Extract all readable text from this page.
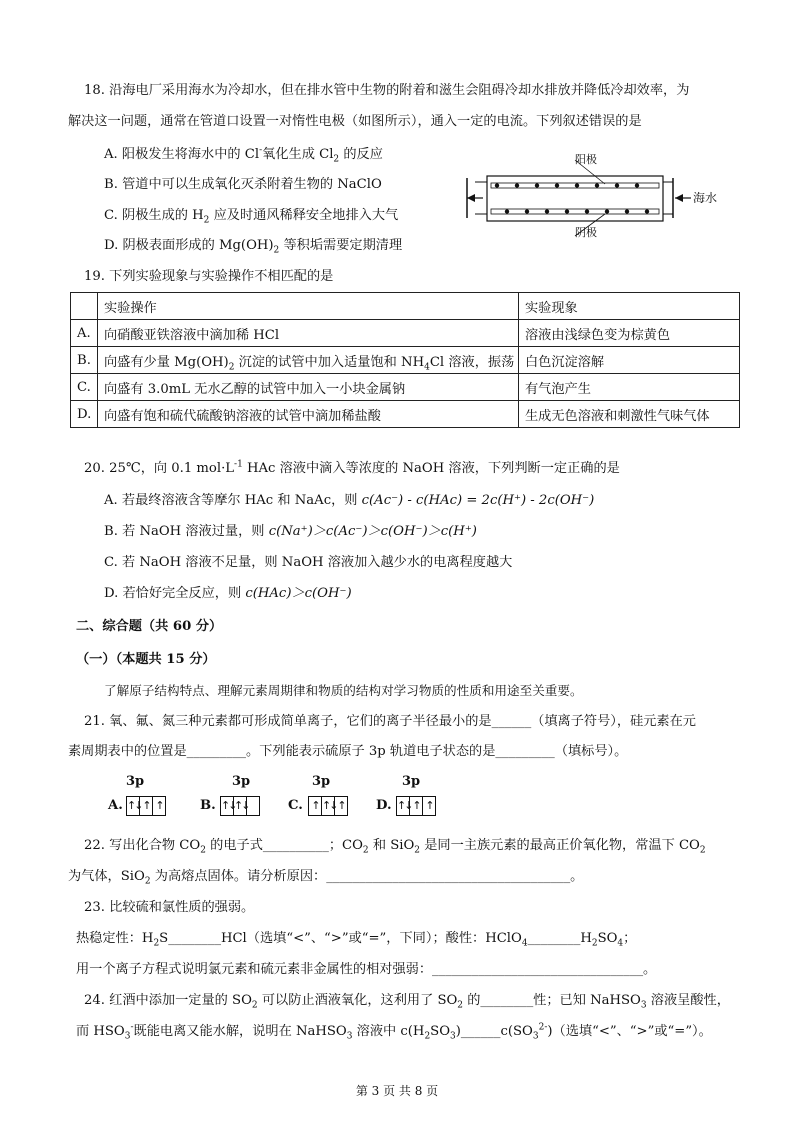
18. 沿海电厂采用海水为冷却水，但在排水管中生物的附着和滋生会阻碍冷却水排放并降低冷却效率，为
解决这一问题，通常在管道口设置一对惰性电极（如图所示），通入一定的电流。下列叙述错误的是
A. 阳极发生将海水中的 Cl-氧化生成 $Cl_2$ 的反应
B. 管道中可以生成氧化灭杀附着生物的 NaClO
C. 阴极生成的 $H_2$ 应及时通风稀释安全地排入大气
D. 阴极表面形成的 $Mg(OH)_2$ 等积垢需要定期清理
阳极
阴极
海水
19. 下列实验现象与实验操作不相匹配的是
	实验操作	实验现象
A.	向硝酸亚铁溶液中滴加稀 HCl	溶液由浅绿色变为棕黄色
B.	向盛有少量 $Mg(OH)_2$ 沉淀的试管中加入适量饱和 $NH_4Cl$ 溶液，振荡	白色沉淀溶解
C.	向盛有 3.0mL 无水乙醇的试管中加入一小块金属钠	有气泡产生
D.	向盛有饱和硫代硫酸钠溶液的试管中滴加稀盐酸	生成无色溶液和刺激性气味气体
20. 25℃，向 0.1 $mol\cdot L^{-1}$ HAc 溶液中滴入等浓度的 NaOH 溶液，下列判断一定正确的是
A. 若最终溶液含等摩尔 HAc 和 NaAc，则 c(Ac⁻) - c(HAc) = 2c(H⁺) - 2c(OH⁻)
B. 若 NaOH 溶液过量，则 c(Na⁺)＞c(Ac⁻)＞c(OH⁻)＞c(H⁺)
C. 若 NaOH 溶液不足量，则 NaOH 溶液加入越少水的电离程度越大
D. 若恰好完全反应，则 c(HAc)＞c(OH⁻)
二、综合题（共 60 分）
（一）（本题共 15 分）
了解原子结构特点、理解元素周期律和物质的结构对学习物质的性质和用途至关重要。
21. 氧、氟、氮三种元素都可形成简单离子，它们的离子半径最小的是______（填离子符号），硅元素在元
素周期表中的位置是_________。下列能表示硫原子 3p 轨道电子状态的是_________（填标号）。
3p
A. ↑↓ ↑ ↑
3p
B. ↑↓
↑↓
3p
C. ↑ ↑↓ ↑
3p
D. ↑↓ ↑ ↑
22. 写出化合物 $CO_2$ 的电子式__________；$CO_2$ 和 SiO$_2$ 是同一主族元素的最高正价氧化物，常温下 $CO_2$
为气体，SiO$_2$ 为高熔点固体。请分析原因：_____________________________________。
23. 比较硫和氯性质的强弱。
热稳定性：$H_2S\_\_\_\_\_\_\_\_HCl$（选填“<”、“>”或“=”，下同）；酸性：$HClO_4\_\_\_\_\_\_\_\_H_2SO_4$；
用一个离子方程式说明氯元素和硫元素非金属性的相对强弱：________________________________。
24. 红酒中添加一定量的 $SO_2$ 可以防止酒液氧化，这利用了 $SO_2$ 的________性；已知 NaHSO$_3$ 溶液呈酸性，
而 $HSO_3^-$既能电离又能水解，说明在 NaHSO$_3$ 溶液中 $c(H_2SO_3)\_\_\_\_\_\_c(SO_3^{2-})$（选填“<”、“>”或“=”）。
第 3 页 共 8 页
